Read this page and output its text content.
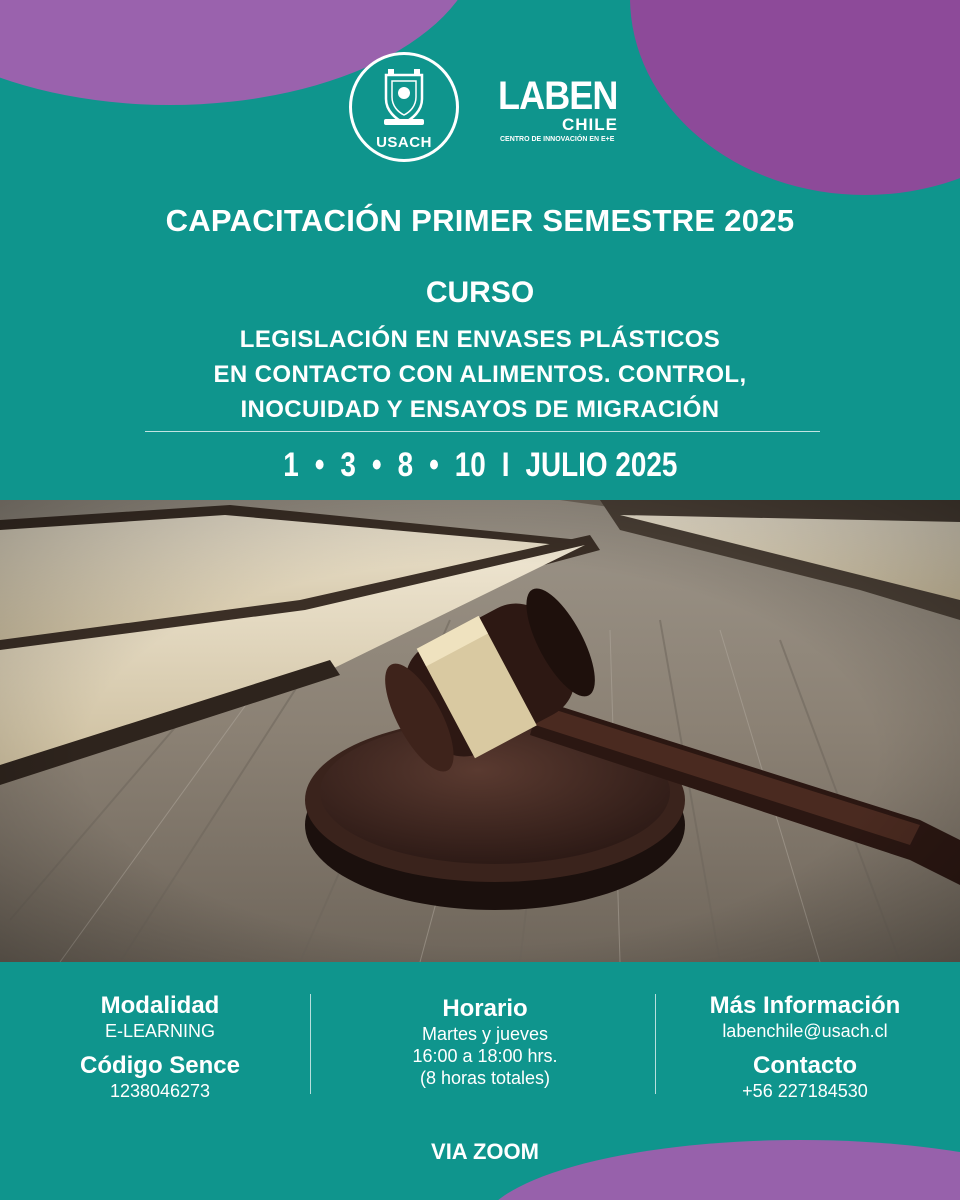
USACH
LABEN
CHILE
CENTRO DE INNOVACIÓN EN E+E
CAPACITACIÓN PRIMER SEMESTRE 2025
CURSO
LEGISLACIÓN EN ENVASES PLÁSTICOS
EN CONTACTO CON ALIMENTOS. CONTROL,
INOCUIDAD Y ENSAYOS DE MIGRACIÓN
1 • 3 • 8 • 10 I JULIO 2025
Modalidad
E-LEARNING
Código Sence
1238046273
Horario
Martes y jueves
16:00 a 18:00 hrs.
(8 horas totales)
Más Información
labenchile@usach.cl
Contacto
+56 227184530
VIA ZOOM
